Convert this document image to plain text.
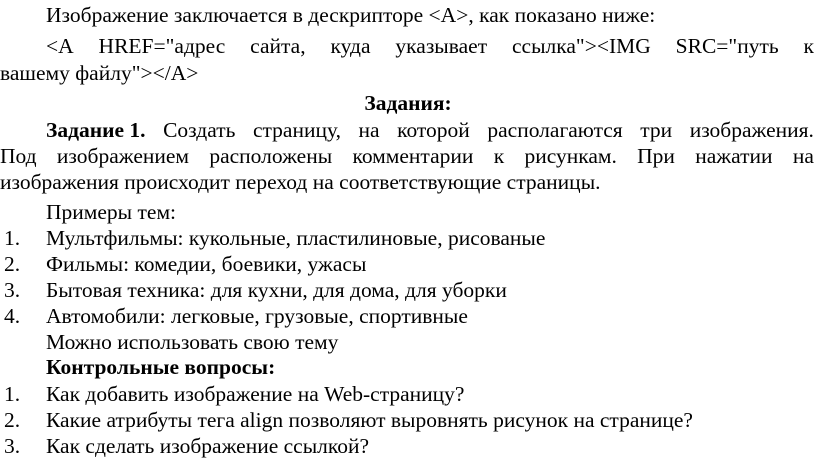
Изображение заключается в дескрипторе <A>, как показано ниже:
<A HREF="адрес сайта, куда указывает ссылка"><IMG SRC="путь к
вашему файлу"></A>
Задания:
Задание 1. Создать страницу, на которой располагаются три изображения.
Под изображением расположены комментарии к рисункам. При нажатии на
изображения происходит переход на соответствующие страницы.
Примеры тем:
1. Мультфильмы: кукольные, пластилиновые, рисованые
2. Фильмы: комедии, боевики, ужасы
3. Бытовая техника: для кухни, для дома, для уборки
4. Автомобили: легковые, грузовые, спортивные
Можно использовать свою тему
Контрольные вопросы:
1. Как добавить изображение на Web-страницу?
2. Какие атрибуты тега align позволяют выровнять рисунок на странице?
3. Как сделать изображение ссылкой?
